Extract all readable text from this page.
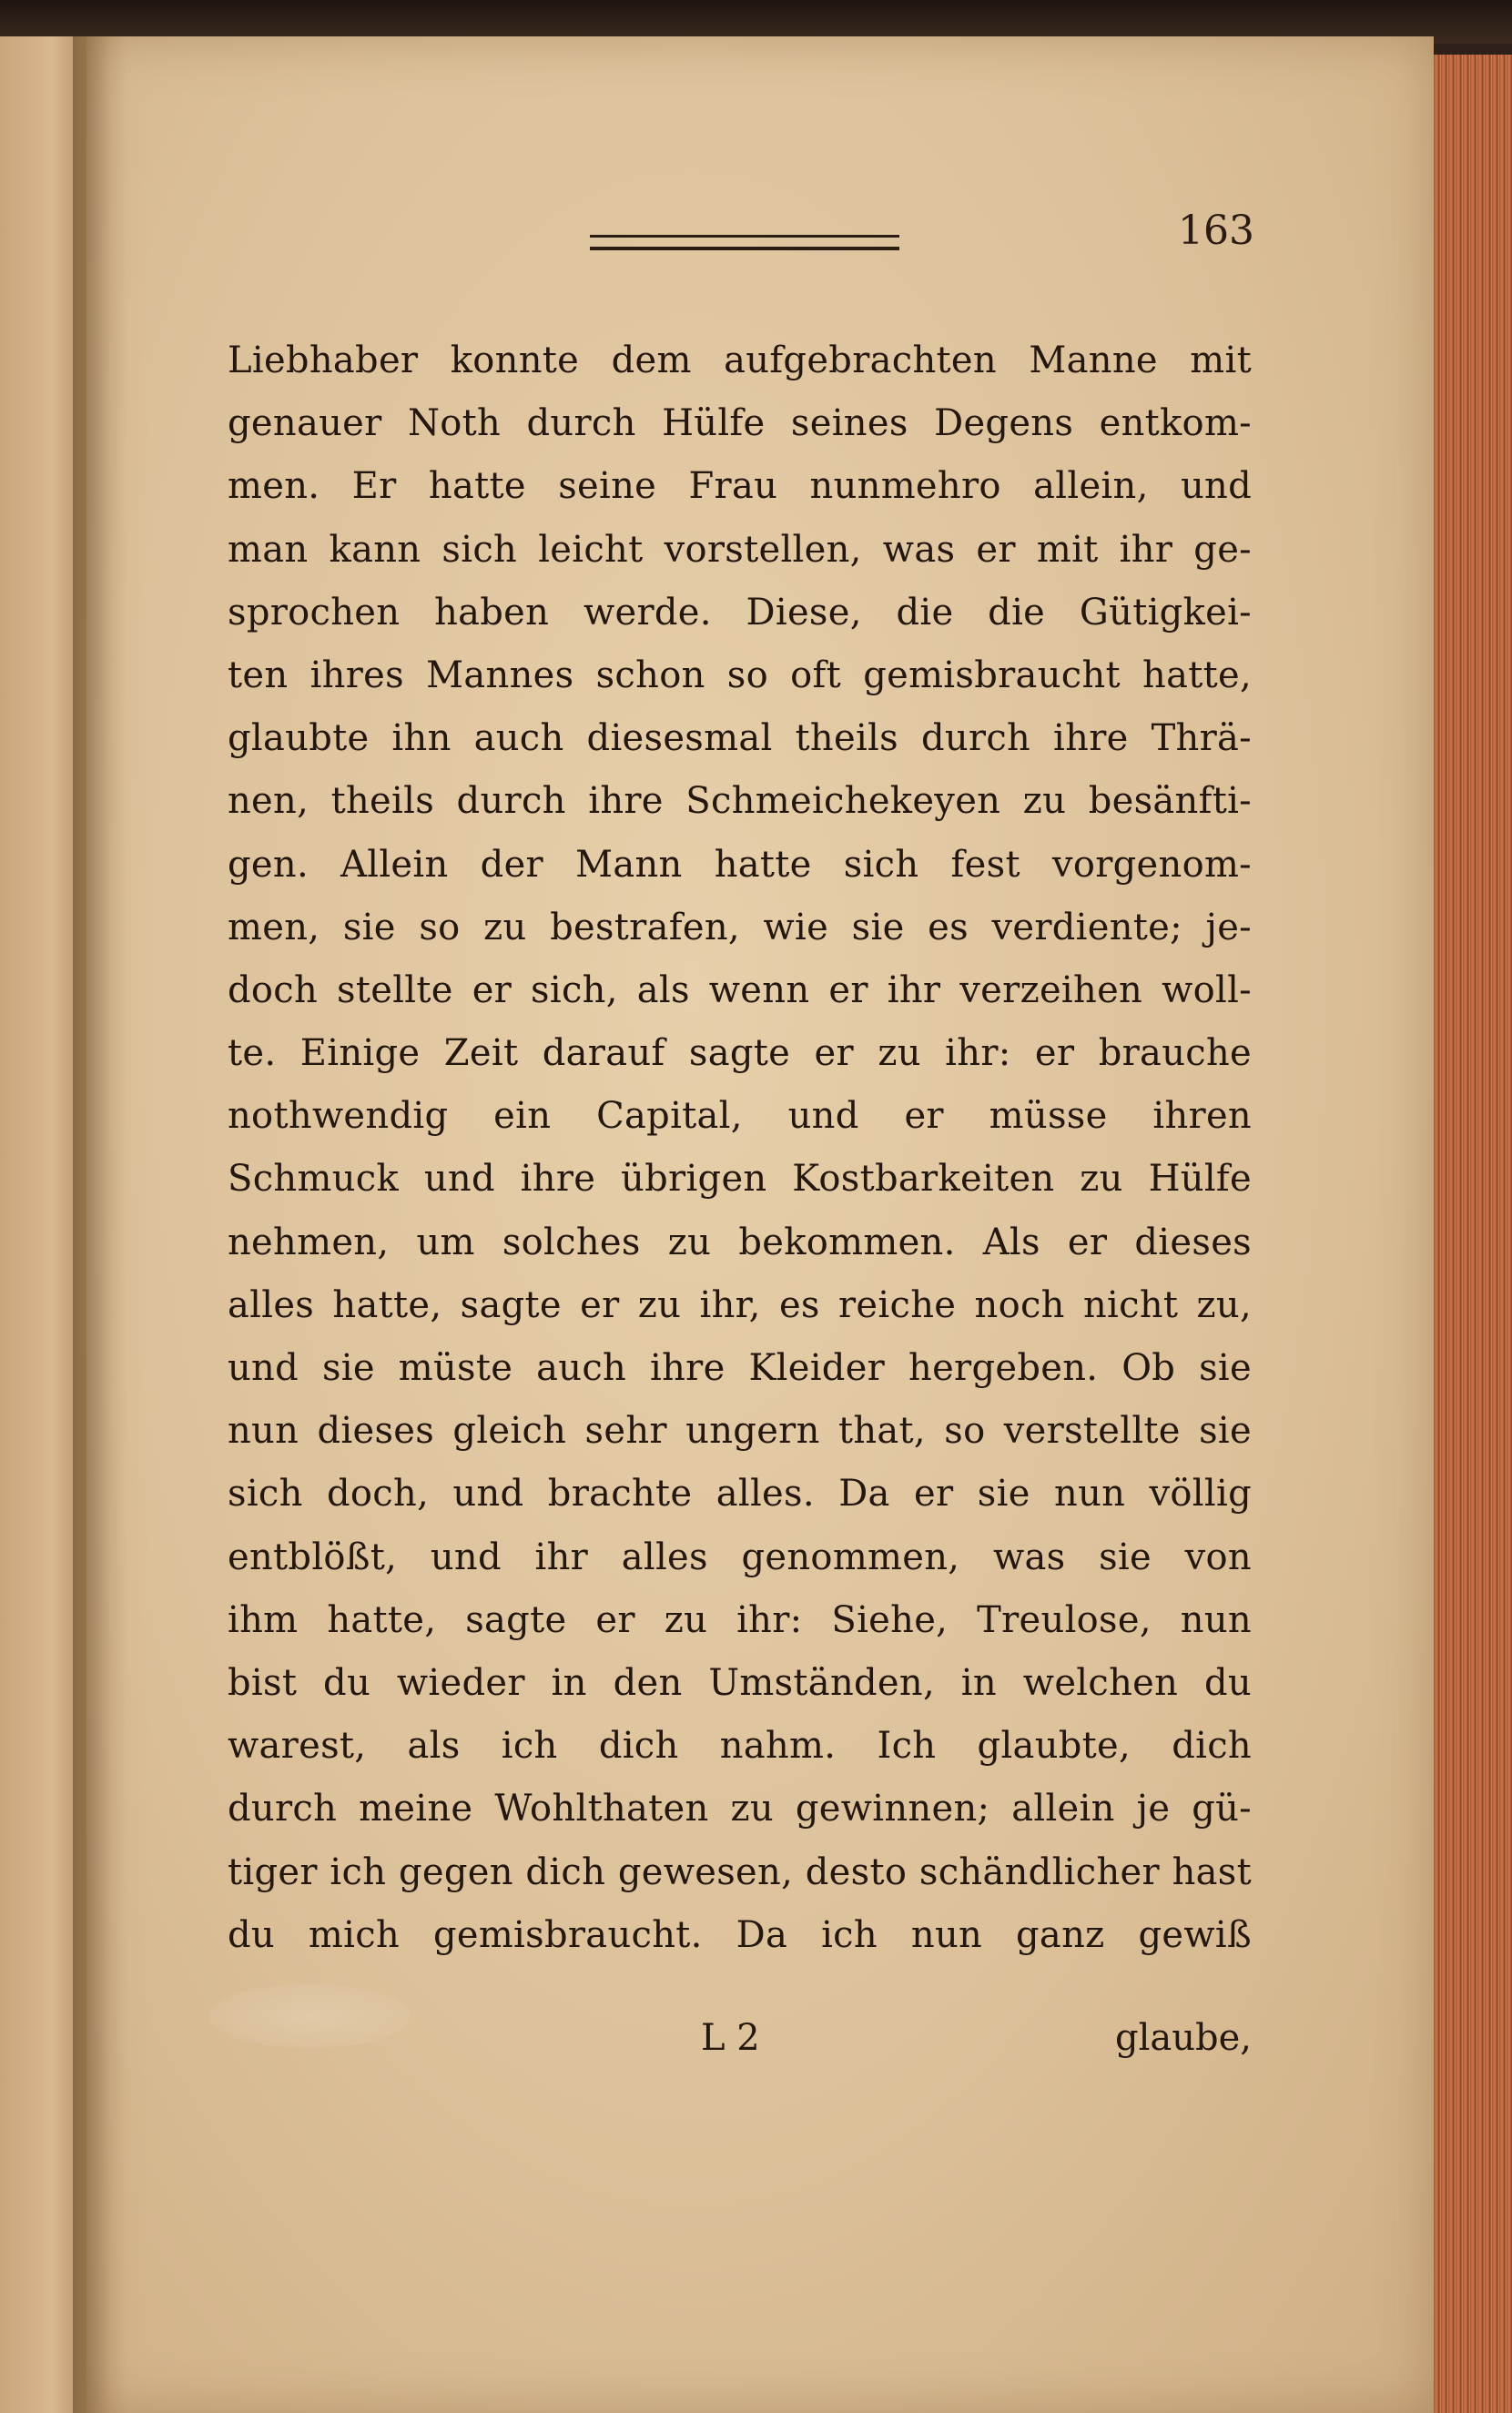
163
Liebhaber konnte dem aufgebrachten Manne mit
genauer Noth durch Hülfe seines Degens entkom-
men. Er hatte seine Frau nunmehro allein, und
man kann sich leicht vorstellen, was er mit ihr ge-
sprochen haben werde. Diese, die die Gütigkei-
ten ihres Mannes schon so oft gemisbraucht hatte,
glaubte ihn auch diesesmal theils durch ihre Thrä-
nen, theils durch ihre Schmeichekeyen zu besänfti-
gen. Allein der Mann hatte sich fest vorgenom-
men, sie so zu bestrafen, wie sie es verdiente; je-
doch stellte er sich, als wenn er ihr verzeihen woll-
te. Einige Zeit darauf sagte er zu ihr: er brauche
nothwendig ein Capital, und er müsse ihren
Schmuck und ihre übrigen Kostbarkeiten zu Hülfe
nehmen, um solches zu bekommen. Als er dieses
alles hatte, sagte er zu ihr, es reiche noch nicht zu,
und sie müste auch ihre Kleider hergeben. Ob sie
nun dieses gleich sehr ungern that, so verstellte sie
sich doch, und brachte alles. Da er sie nun völlig
entblößt, und ihr alles genommen, was sie von
ihm hatte, sagte er zu ihr: Siehe, Treulose, nun
bist du wieder in den Umständen, in welchen du
warest, als ich dich nahm. Ich glaubte, dich
durch meine Wohlthaten zu gewinnen; allein je gü-
tiger ich gegen dich gewesen, desto schändlicher hast
du mich gemisbraucht. Da ich nun ganz gewiß
L 2	glaube,
